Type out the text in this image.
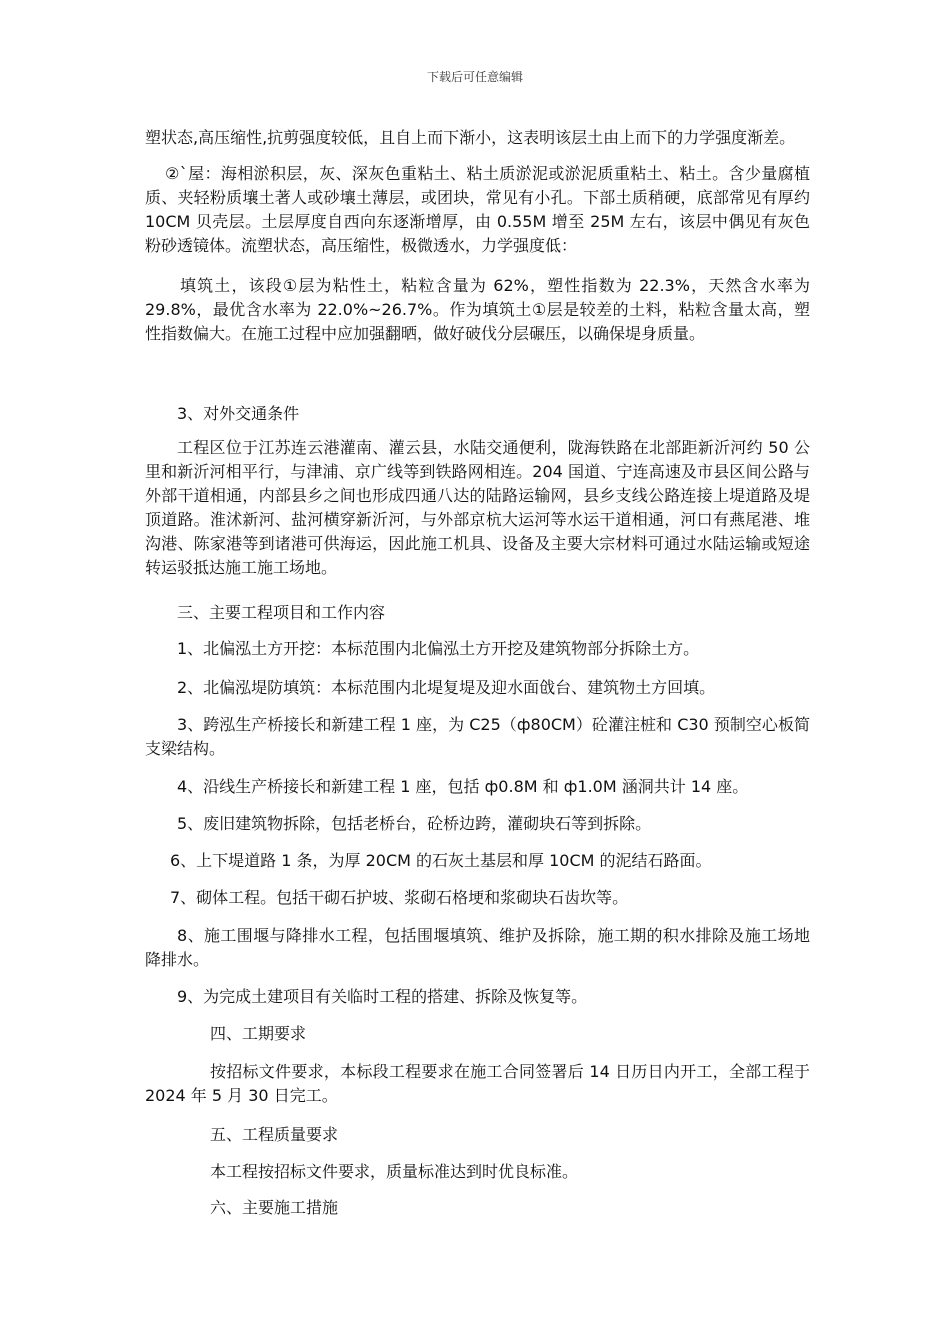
下载后可任意编辑
塑状态,高压缩性,抗剪强度较低，且自上而下渐小，这表明该层土由上而下的力学强度渐差。
②`屋：海相淤积层，灰、深灰色重粘土、粘土质淤泥或淤泥质重粘土、粘土。含少量腐植质、夹轻粉质壤土著人或砂壤土薄层，或团块，常见有小孔。下部土质稍硬，底部常见有厚约 10CM 贝壳层。土层厚度自西向东逐渐增厚，由 0.55M 增至 25M 左右，该层中偶见有灰色粉砂透镜体。流塑状态，高压缩性，极微透水，力学强度低：
填筑土，该段①层为粘性土，粘粒含量为 62%，塑性指数为 22.3%，天然含水率为 29.8%，最优含水率为 22.0%~26.7%。作为填筑土①层是较差的土料，粘粒含量太高，塑性指数偏大。在施工过程中应加强翻晒，做好破伐分层碾压，以确保堤身质量。
3、对外交通条件
工程区位于江苏连云港灌南、灌云县，水陆交通便利，陇海铁路在北部距新沂河约 50 公里和新沂河相平行，与津浦、京广线等到铁路网相连。204 国道、宁连高速及市县区间公路与外部干道相通，内部县乡之间也形成四通八达的陆路运输网，县乡支线公路连接上堤道路及堤顶道路。淮沭新河、盐河横穿新沂河，与外部京杭大运河等水运干道相通，河口有燕尾港、堆沟港、陈家港等到诸港可供海运，因此施工机具、设备及主要大宗材料可通过水陆运输或短途转运驳抵达施工施工场地。
三、主要工程项目和工作内容
1、北偏泓土方开挖：本标范围内北偏泓土方开挖及建筑物部分拆除土方。
2、北偏泓堤防填筑：本标范围内北堤复堤及迎水面戗台、建筑物土方回填。
3、跨泓生产桥接长和新建工程 1 座，为 C25（ф80CM）砼灌注桩和 C30 预制空心板简支梁结构。
4、沿线生产桥接长和新建工程 1 座，包括 ф0.8M 和 ф1.0M 涵洞共计 14 座。
5、废旧建筑物拆除，包括老桥台，砼桥边跨，灌砌块石等到拆除。
6、上下堤道路 1 条，为厚 20CM 的石灰土基层和厚 10CM 的泥结石路面。
7、砌体工程。包括干砌石护坡、浆砌石格埂和浆砌块石齿坎等。
8、施工围堰与降排水工程，包括围堰填筑、维护及拆除，施工期的积水排除及施工场地降排水。
9、为完成土建项目有关临时工程的搭建、拆除及恢复等。
四、工期要求
按招标文件要求，本标段工程要求在施工合同签署后 14 日历日内开工，全部工程于 2024 年 5 月 30 日完工。
五、工程质量要求
本工程按招标文件要求，质量标准达到时优良标准。
六、主要施工措施
